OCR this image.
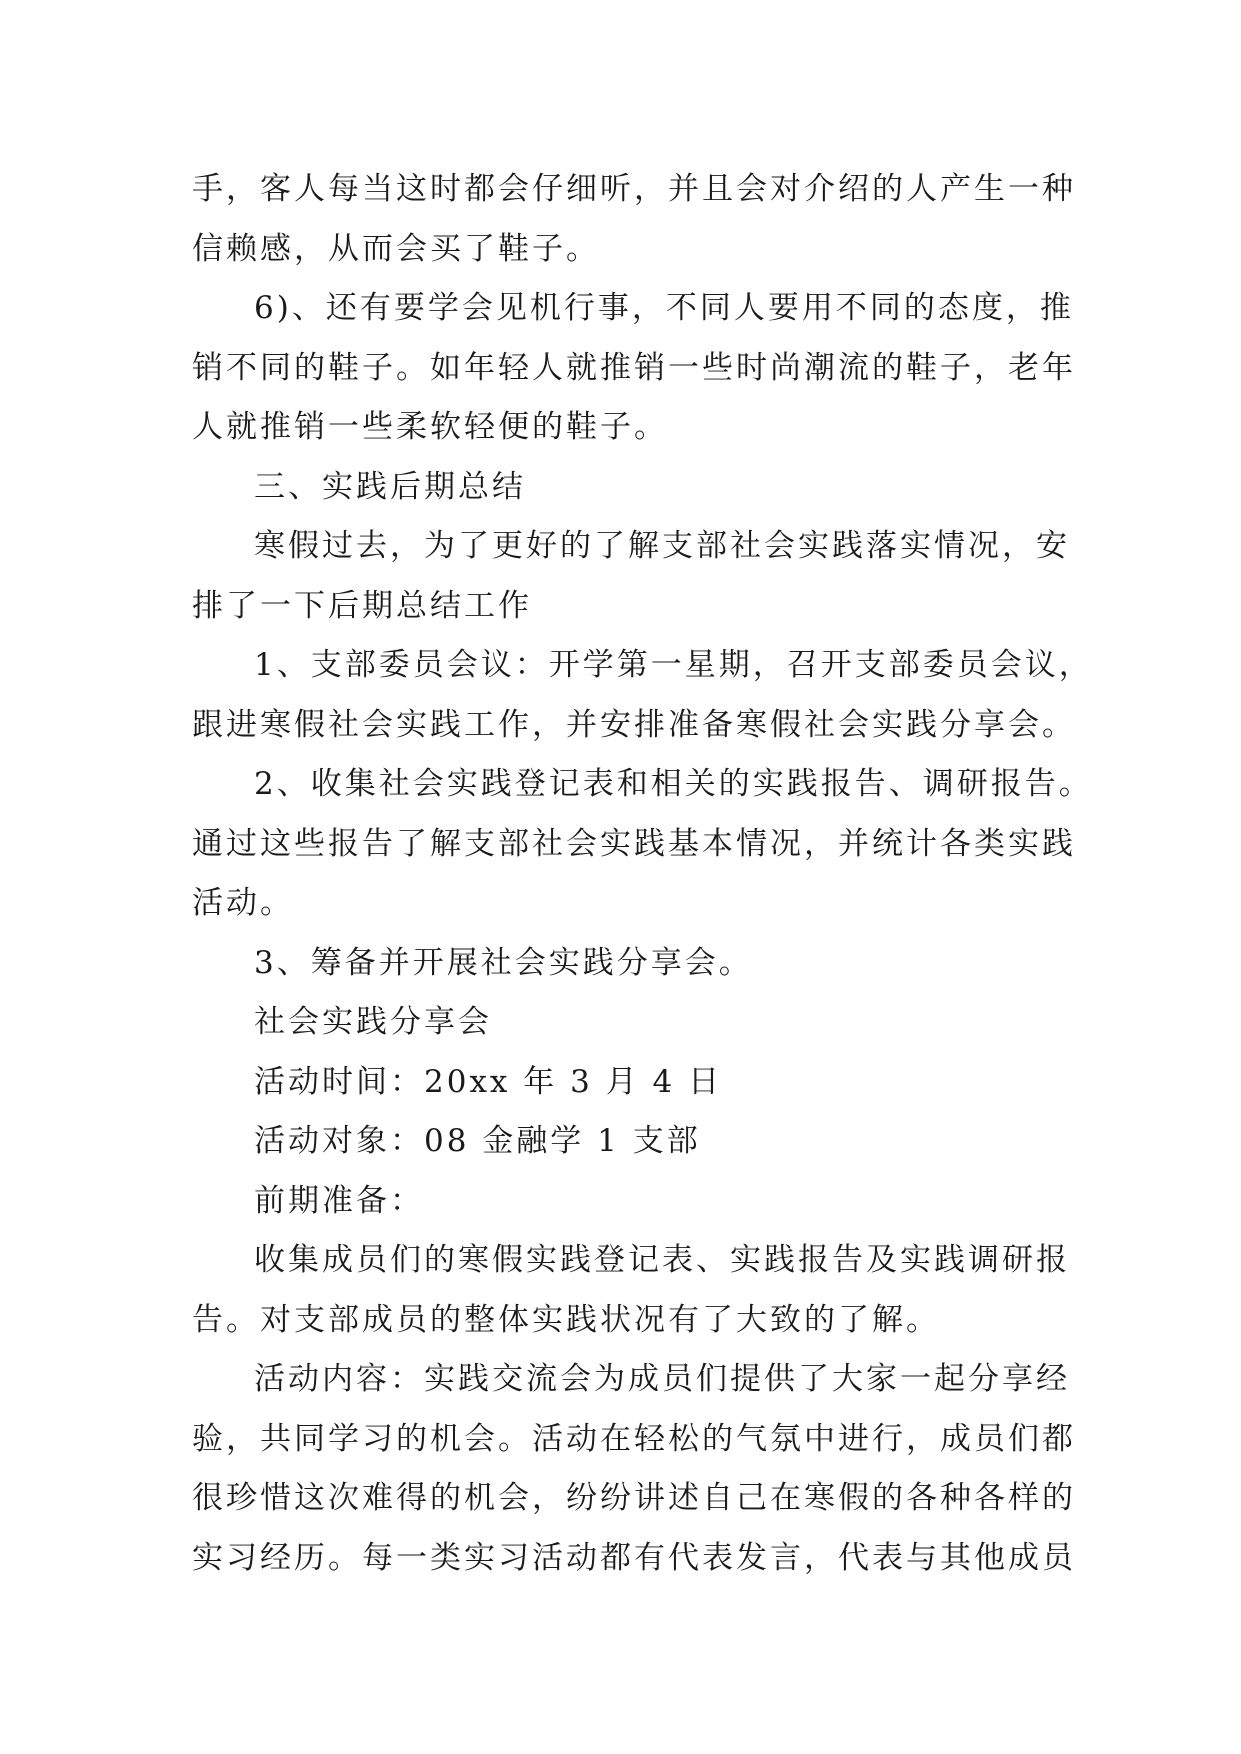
手，客人每当这时都会仔细听，并且会对介绍的人产生一种
信赖感，从而会买了鞋子。
6)、还有要学会见机行事，不同人要用不同的态度，推
销不同的鞋子。如年轻人就推销一些时尚潮流的鞋子，老年
人就推销一些柔软轻便的鞋子。
三、实践后期总结
寒假过去，为了更好的了解支部社会实践落实情况，安
排了一下后期总结工作
1、支部委员会议：开学第一星期，召开支部委员会议，
跟进寒假社会实践工作，并安排准备寒假社会实践分享会。
2、收集社会实践登记表和相关的实践报告、调研报告。
通过这些报告了解支部社会实践基本情况，并统计各类实践
活动。
3、筹备并开展社会实践分享会。
社会实践分享会
活动时间：20xx 年 3 月 4 日
活动对象：08 金融学 1 支部
前期准备：
收集成员们的寒假实践登记表、实践报告及实践调研报
告。对支部成员的整体实践状况有了大致的了解。
活动内容：实践交流会为成员们提供了大家一起分享经
验，共同学习的机会。活动在轻松的气氛中进行，成员们都
很珍惜这次难得的机会，纷纷讲述自己在寒假的各种各样的
实习经历。每一类实习活动都有代表发言，代表与其他成员
